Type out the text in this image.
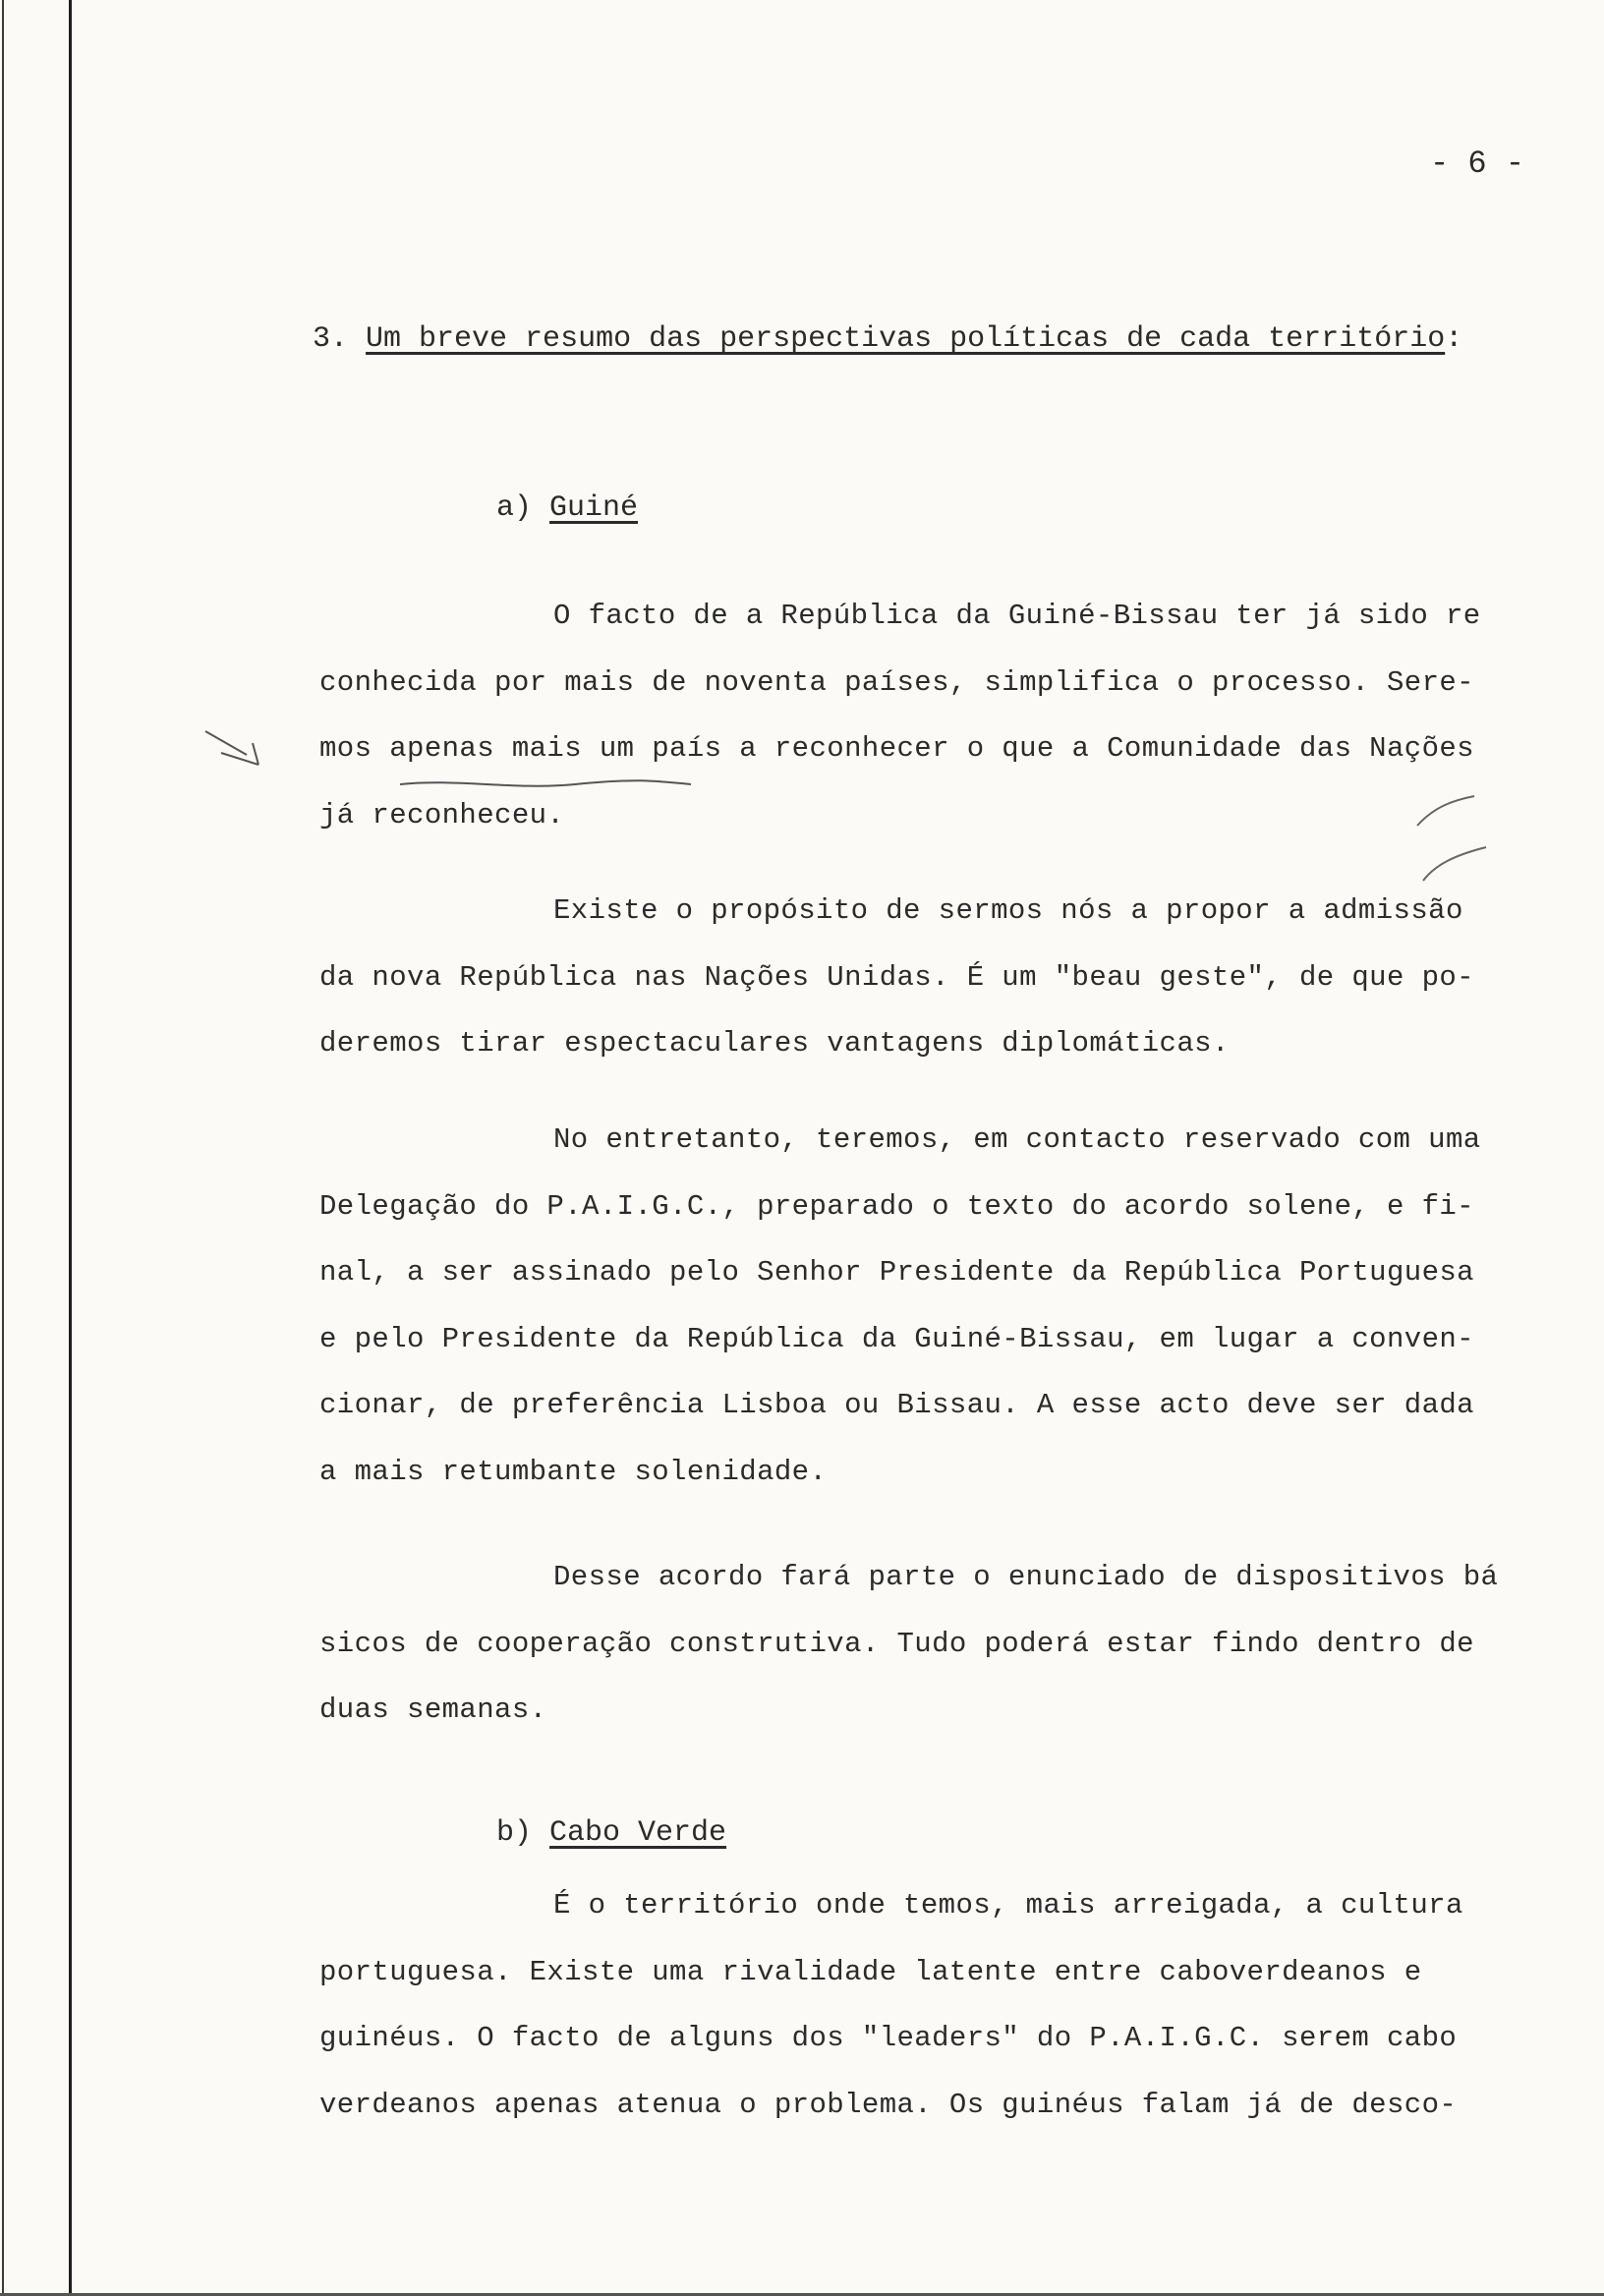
- 6 -
3. Um breve resumo das perspectivas políticas de cada território:
a) Guiné
O facto de a República da Guiné-Bissau ter já sido re
conhecida por mais de noventa países, simplifica o processo. Sere-
mos apenas mais um país a reconhecer o que a Comunidade das Nações
já reconheceu.
Existe o propósito de sermos nós a propor a admissão
da nova República nas Nações Unidas. É um "beau geste", de que po-
deremos tirar espectaculares vantagens diplomáticas.
No entretanto, teremos, em contacto reservado com uma
Delegação do P.A.I.G.C., preparado o texto do acordo solene, e fi-
nal, a ser assinado pelo Senhor Presidente da República Portuguesa
e pelo Presidente da República da Guiné-Bissau, em lugar a conven-
cionar, de preferência Lisboa ou Bissau. A esse acto deve ser dada
a mais retumbante solenidade.
Desse acordo fará parte o enunciado de dispositivos bá
sicos de cooperação construtiva. Tudo poderá estar findo dentro de
duas semanas.
b) Cabo Verde
É o território onde temos, mais arreigada, a cultura
portuguesa. Existe uma rivalidade latente entre caboverdeanos e
guinéus. O facto de alguns dos "leaders" do P.A.I.G.C. serem cabo
verdeanos apenas atenua o problema. Os guinéus falam já de desco-
